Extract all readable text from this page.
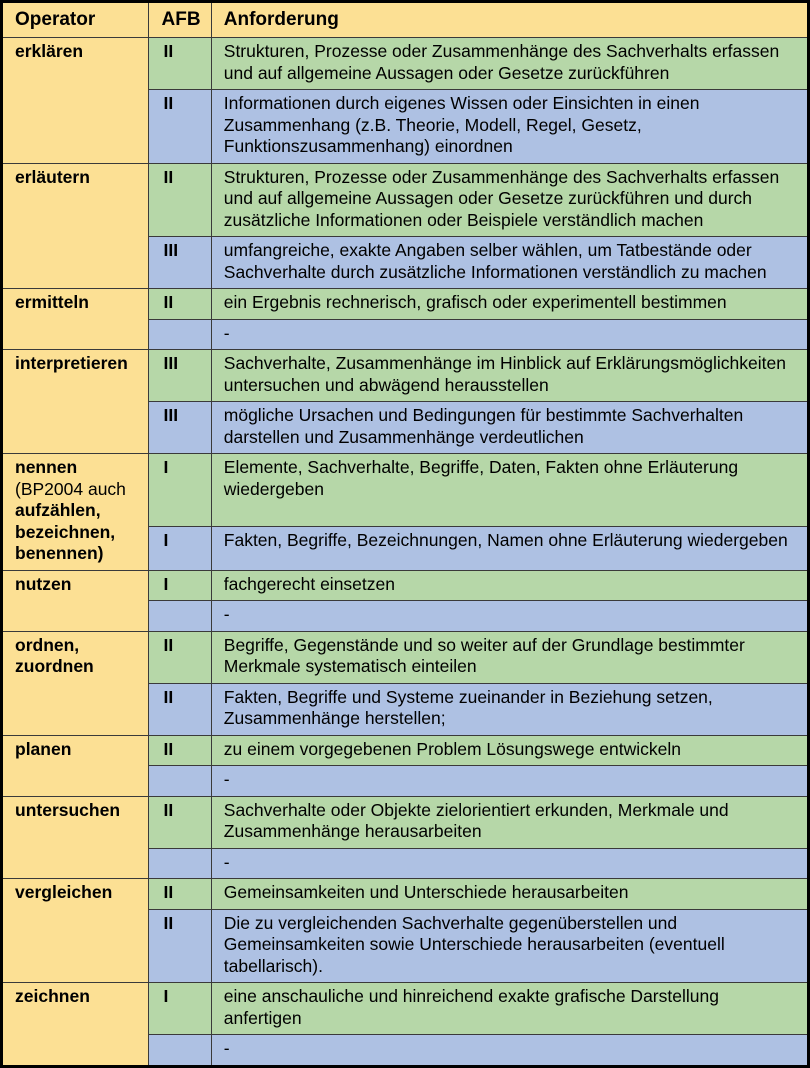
Operator	AFB	Anforderung

erklären	II	Strukturen, Prozesse oder Zusammenhänge des Sachverhalts erfassen und auf allgemeine Aussagen oder Gesetze zurückführen
	II	Informationen durch eigenes Wissen oder Einsichten in einen Zusammenhang (z.B. Theorie, Modell, Regel, Gesetz, Funktionszusammenhang) einordnen

erläutern	II	Strukturen, Prozesse oder Zusammenhänge des Sachverhalts erfassen und auf allgemeine Aussagen oder Gesetze zurückführen und durch zusätzliche Informationen oder Beispiele verständlich machen
	III	umfangreiche, exakte Angaben selber wählen, um Tatbestände oder Sachverhalte durch zusätzliche Informationen verständlich zu machen

ermitteln	II	ein Ergebnis rechnerisch, grafisch oder experimentell bestimmen
		-

interpretieren	III	Sachverhalte, Zusammenhänge im Hinblick auf Erklärungsmöglichkeiten untersuchen und abwägend herausstellen
	III	mögliche Ursachen und Bedingungen für bestimmte Sachverhalten darstellen und Zusammenhänge verdeutlichen

nennen
(BP2004 auch aufzählen, bezeichnen, benennen)	I	Elemente, Sachverhalte, Begriffe, Daten, Fakten ohne Erläuterung wiedergeben
	I	Fakten, Begriffe, Bezeichnungen, Namen ohne Erläuterung wiedergeben

nutzen	I	fachgerecht einsetzen
		-

ordnen, zuordnen	II	Begriffe, Gegenstände und so weiter auf der Grundlage bestimmter Merkmale systematisch einteilen
	II	Fakten, Begriffe und Systeme zueinander in Beziehung setzen, Zusammenhänge herstellen;

planen	II	zu einem vorgegebenen Problem Lösungswege entwickeln
		-

untersuchen	II	Sachverhalte oder Objekte zielorientiert erkunden, Merkmale und Zusammenhänge herausarbeiten
		-

vergleichen	II	Gemeinsamkeiten und Unterschiede herausarbeiten
	II	Die zu vergleichenden Sachverhalte gegenüberstellen und Gemeinsamkeiten sowie Unterschiede herausarbeiten (eventuell tabellarisch).

zeichnen	I	eine anschauliche und hinreichend exakte grafische Darstellung anfertigen
		-
